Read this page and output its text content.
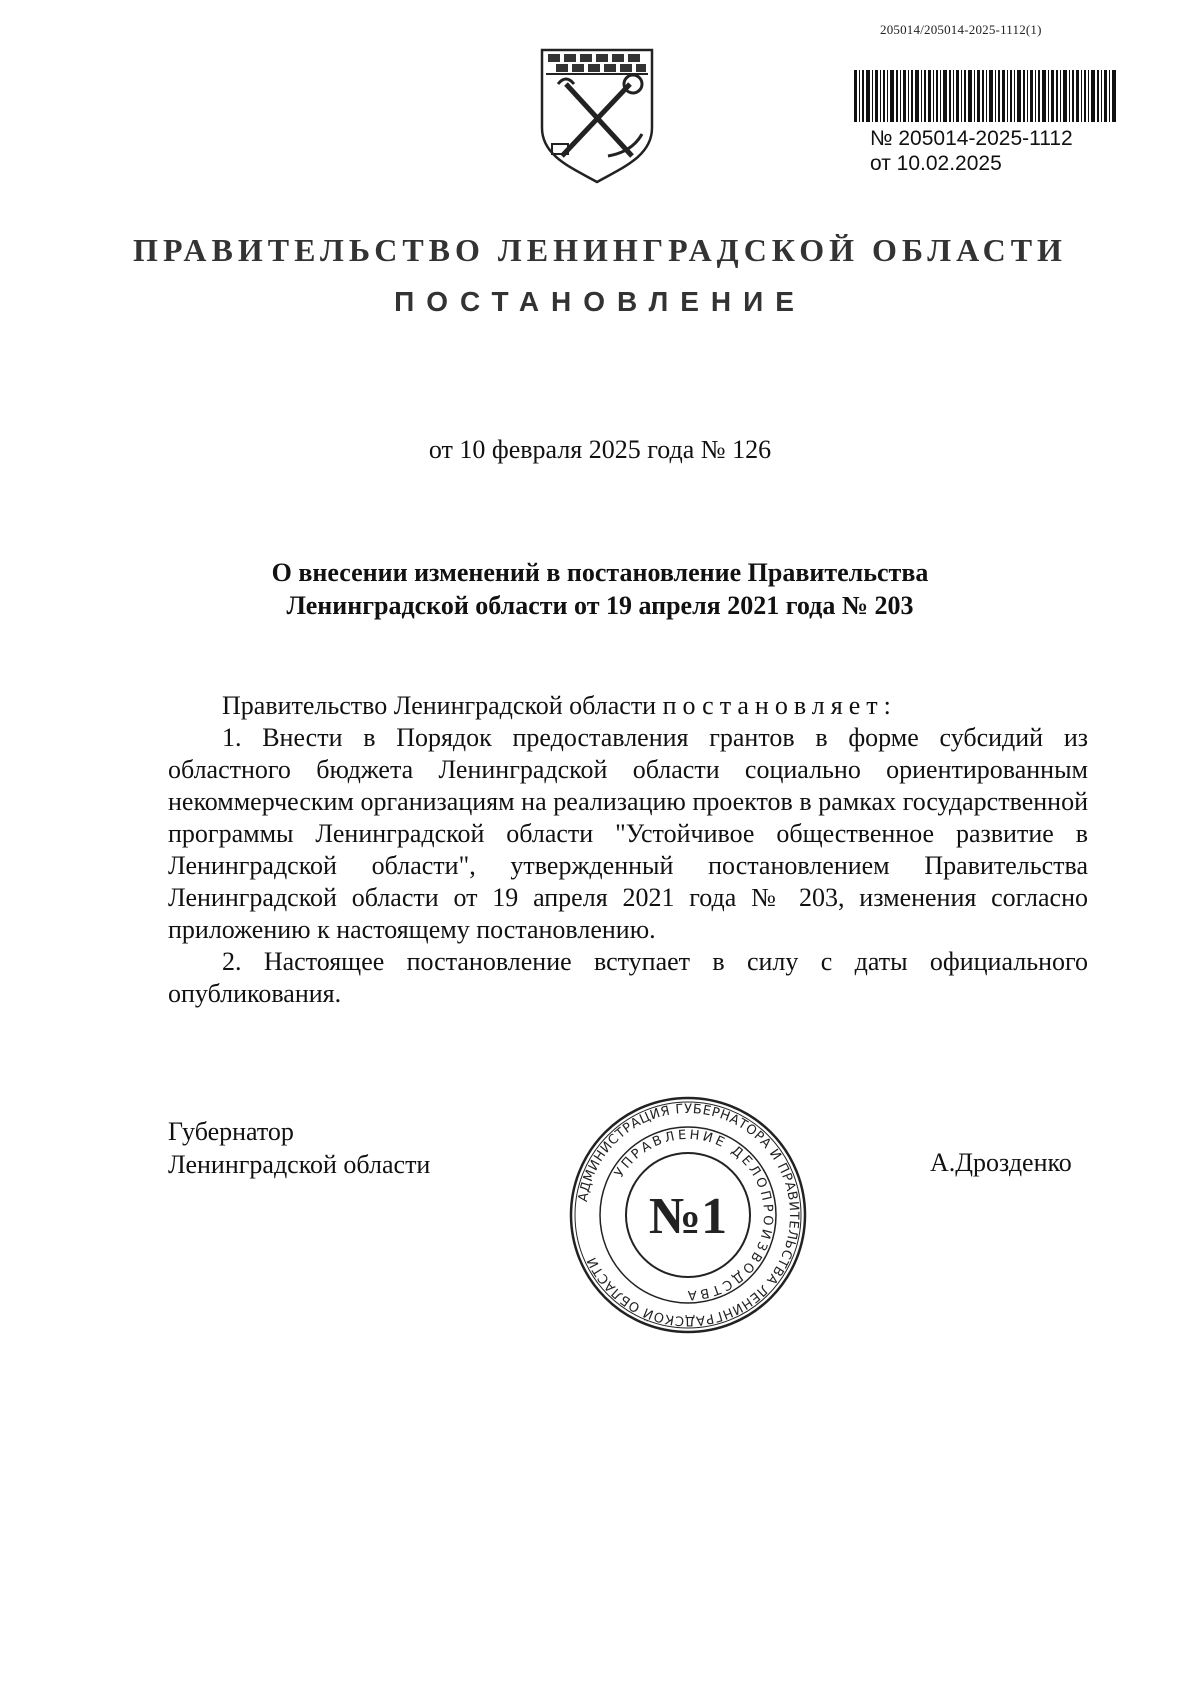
205014/205014-2025-1112(1)
№ 205014-2025-1112
от 10.02.2025
ПРАВИТЕЛЬСТВО ЛЕНИНГРАДСКОЙ ОБЛАСТИ
ПОСТАНОВЛЕНИЕ
от 10 февраля 2025 года № 126
О внесении изменений в постановление Правительства
Ленинградской области от 19 апреля 2021 года № 203

Правительство Ленинградской области постановляет:

1. Внести в Порядок предоставления грантов в форме субсидий из областного бюджета Ленинградской области социально ориентированным некоммерческим организациям на реализацию проектов в рамках государственной программы Ленинградской области "Устойчивое общественное развитие в Ленинградской области", утвержденный постановлением Правительства Ленинградской области от 19 апреля 2021 года № 203, изменения согласно приложению к настоящему постановлению.

2. Настоящее постановление вступает в силу с даты официального опубликования.

Губернатор
Ленинградской области	А.Дрозденко
АДМИНИСТРАЦИЯ ГУБЕРНАТОРА И ПРАВИТЕЛЬСТВА ЛЕНИНГРАДСКОЙ ОБЛАСТИ
УПРАВЛЕНИЕ ДЕЛОПРОИЗВОДСТВА
№1
